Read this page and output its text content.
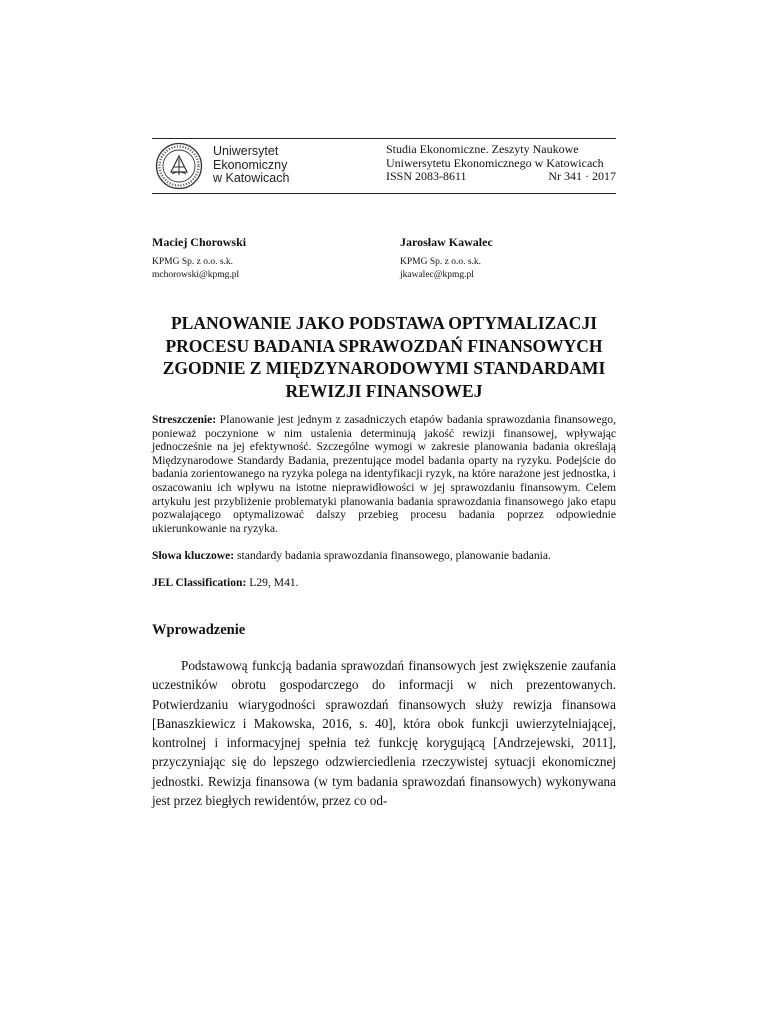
Uniwersytet
Ekonomiczny
w Katowicach
Studia Ekonomiczne. Zeszyty Naukowe
Uniwersytetu Ekonomicznego w Katowicach
ISSN 2083-8611	Nr 341 · 2017
Maciej Chorowski
KPMG Sp. z o.o. s.k.
mchorowski@kpmg.pl
Jarosław Kawalec
KPMG Sp. z o.o. s.k.
jkawalec@kpmg.pl
PLANOWANIE JAKO PODSTAWA OPTYMALIZACJI
PROCESU BADANIA SPRAWOZDAŃ FINANSOWYCH
ZGODNIE Z MIĘDZYNARODOWYMI STANDARDAMI
REWIZJI FINANSOWEJ

Streszczenie: Planowanie jest jednym z zasadniczych etapów badania sprawozdania finansowego, ponieważ poczynione w nim ustalenia determinują jakość rewizji finansowej, wpływając jednocześnie na jej efektywność. Szczególne wymogi w zakresie planowania badania określają Międzynarodowe Standardy Badania, prezentujące model badania oparty na ryzyku. Podejście do badania zorientowanego na ryzyka polega na identyfikacji ryzyk, na które narażone jest jednostka, i oszacowaniu ich wpływu na istotne nieprawidłowości w jej sprawozdaniu finansowym. Celem artykułu jest przybliżenie problematyki planowania badania sprawozdania finansowego jako etapu pozwalającego optymalizować dalszy przebieg procesu badania poprzez odpowiednie ukierunkowanie na ryzyka.

Słowa kluczowe: standardy badania sprawozdania finansowego, planowanie badania.
JEL Classification: L29, M41.
Wprowadzenie

Podstawową funkcją badania sprawozdań finansowych jest zwiększenie zaufania uczestników obrotu gospodarczego do informacji w nich prezentowanych. Potwierdzaniu wiarygodności sprawozdań finansowych służy rewizja finansowa [Banaszkiewicz i Makowska, 2016, s. 40], która obok funkcji uwierzytelniającej, kontrolnej i informacyjnej spełnia też funkcję korygującą [Andrzejewski, 2011], przyczyniając się do lepszego odzwierciedlenia rzeczywistej sytuacji ekonomicznej jednostki. Rewizja finansowa (w tym badania sprawozdań finansowych) wykonywana jest przez biegłych rewidentów, przez co od-
